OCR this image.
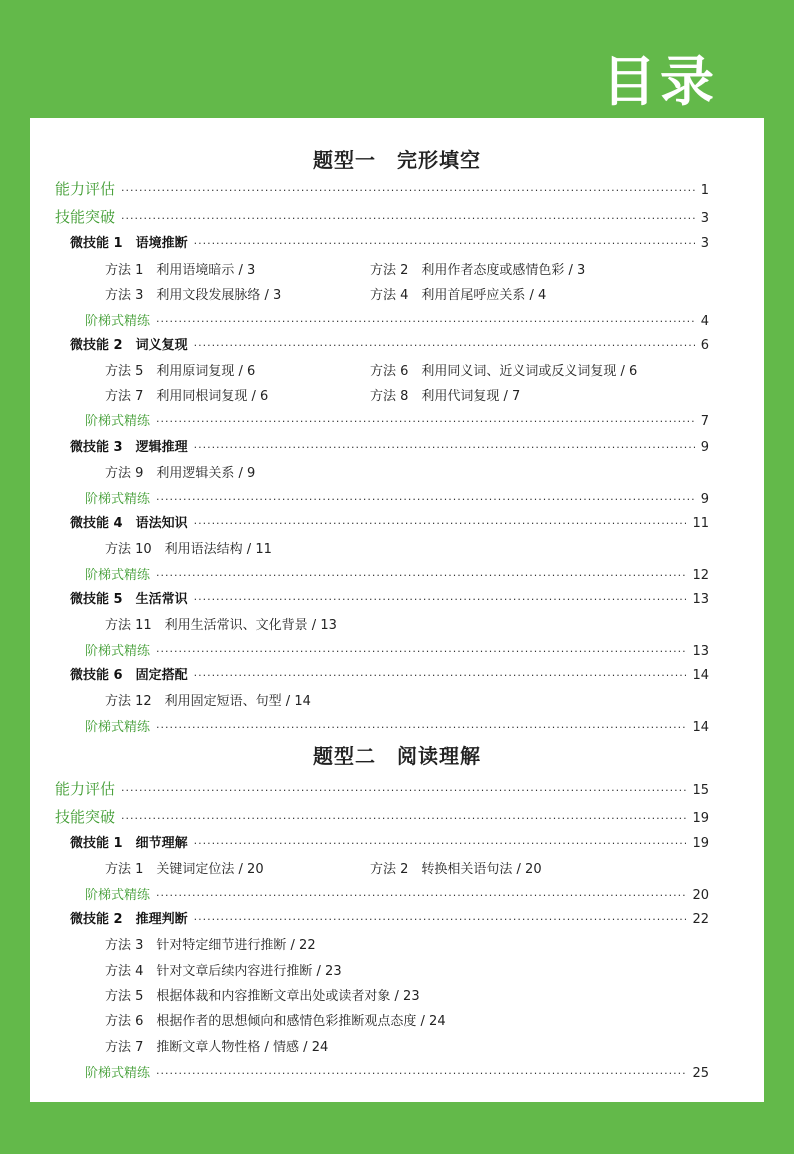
目录
题型一　完形填空
能力评估 ·····	1
技能突破 ·····	3
微技能 1　语境推断 ·····	3
方法 1　利用语境暗示 / 3	方法 2　利用作者态度或感情色彩 / 3
方法 3　利用文段发展脉络 / 3	方法 4　利用首尾呼应关系 / 4
阶梯式精练 ·····	4
微技能 2　词义复现 ·····	6
方法 5　利用原词复现 / 6	方法 6　利用同义词、近义词或反义词复现 / 6
方法 7　利用同根词复现 / 6	方法 8　利用代词复现 / 7
阶梯式精练 ·····	7
微技能 3　逻辑推理 ·····	9
方法 9　利用逻辑关系 / 9
阶梯式精练 ·····	9
微技能 4　语法知识 ·····	11
方法 10　利用语法结构 / 11
阶梯式精练 ·····	12
微技能 5　生活常识 ·····	13
方法 11　利用生活常识、文化背景 / 13
阶梯式精练 ·····	13
微技能 6　固定搭配 ·····	14
方法 12　利用固定短语、句型 / 14
阶梯式精练 ·····	14
题型二　阅读理解
能力评估 ·····	15
技能突破 ·····	19
微技能 1　细节理解 ·····	19
方法 1　关键词定位法 / 20	方法 2　转换相关语句法 / 20
阶梯式精练 ·····	20
微技能 2　推理判断 ·····	22
方法 3　针对特定细节进行推断 / 22
方法 4　针对文章后续内容进行推断 / 23
方法 5　根据体裁和内容推断文章出处或读者对象 / 23
方法 6　根据作者的思想倾向和感情色彩推断观点态度 / 24
方法 7　推断文章人物性格 / 情感 / 24
阶梯式精练 ·····	25
